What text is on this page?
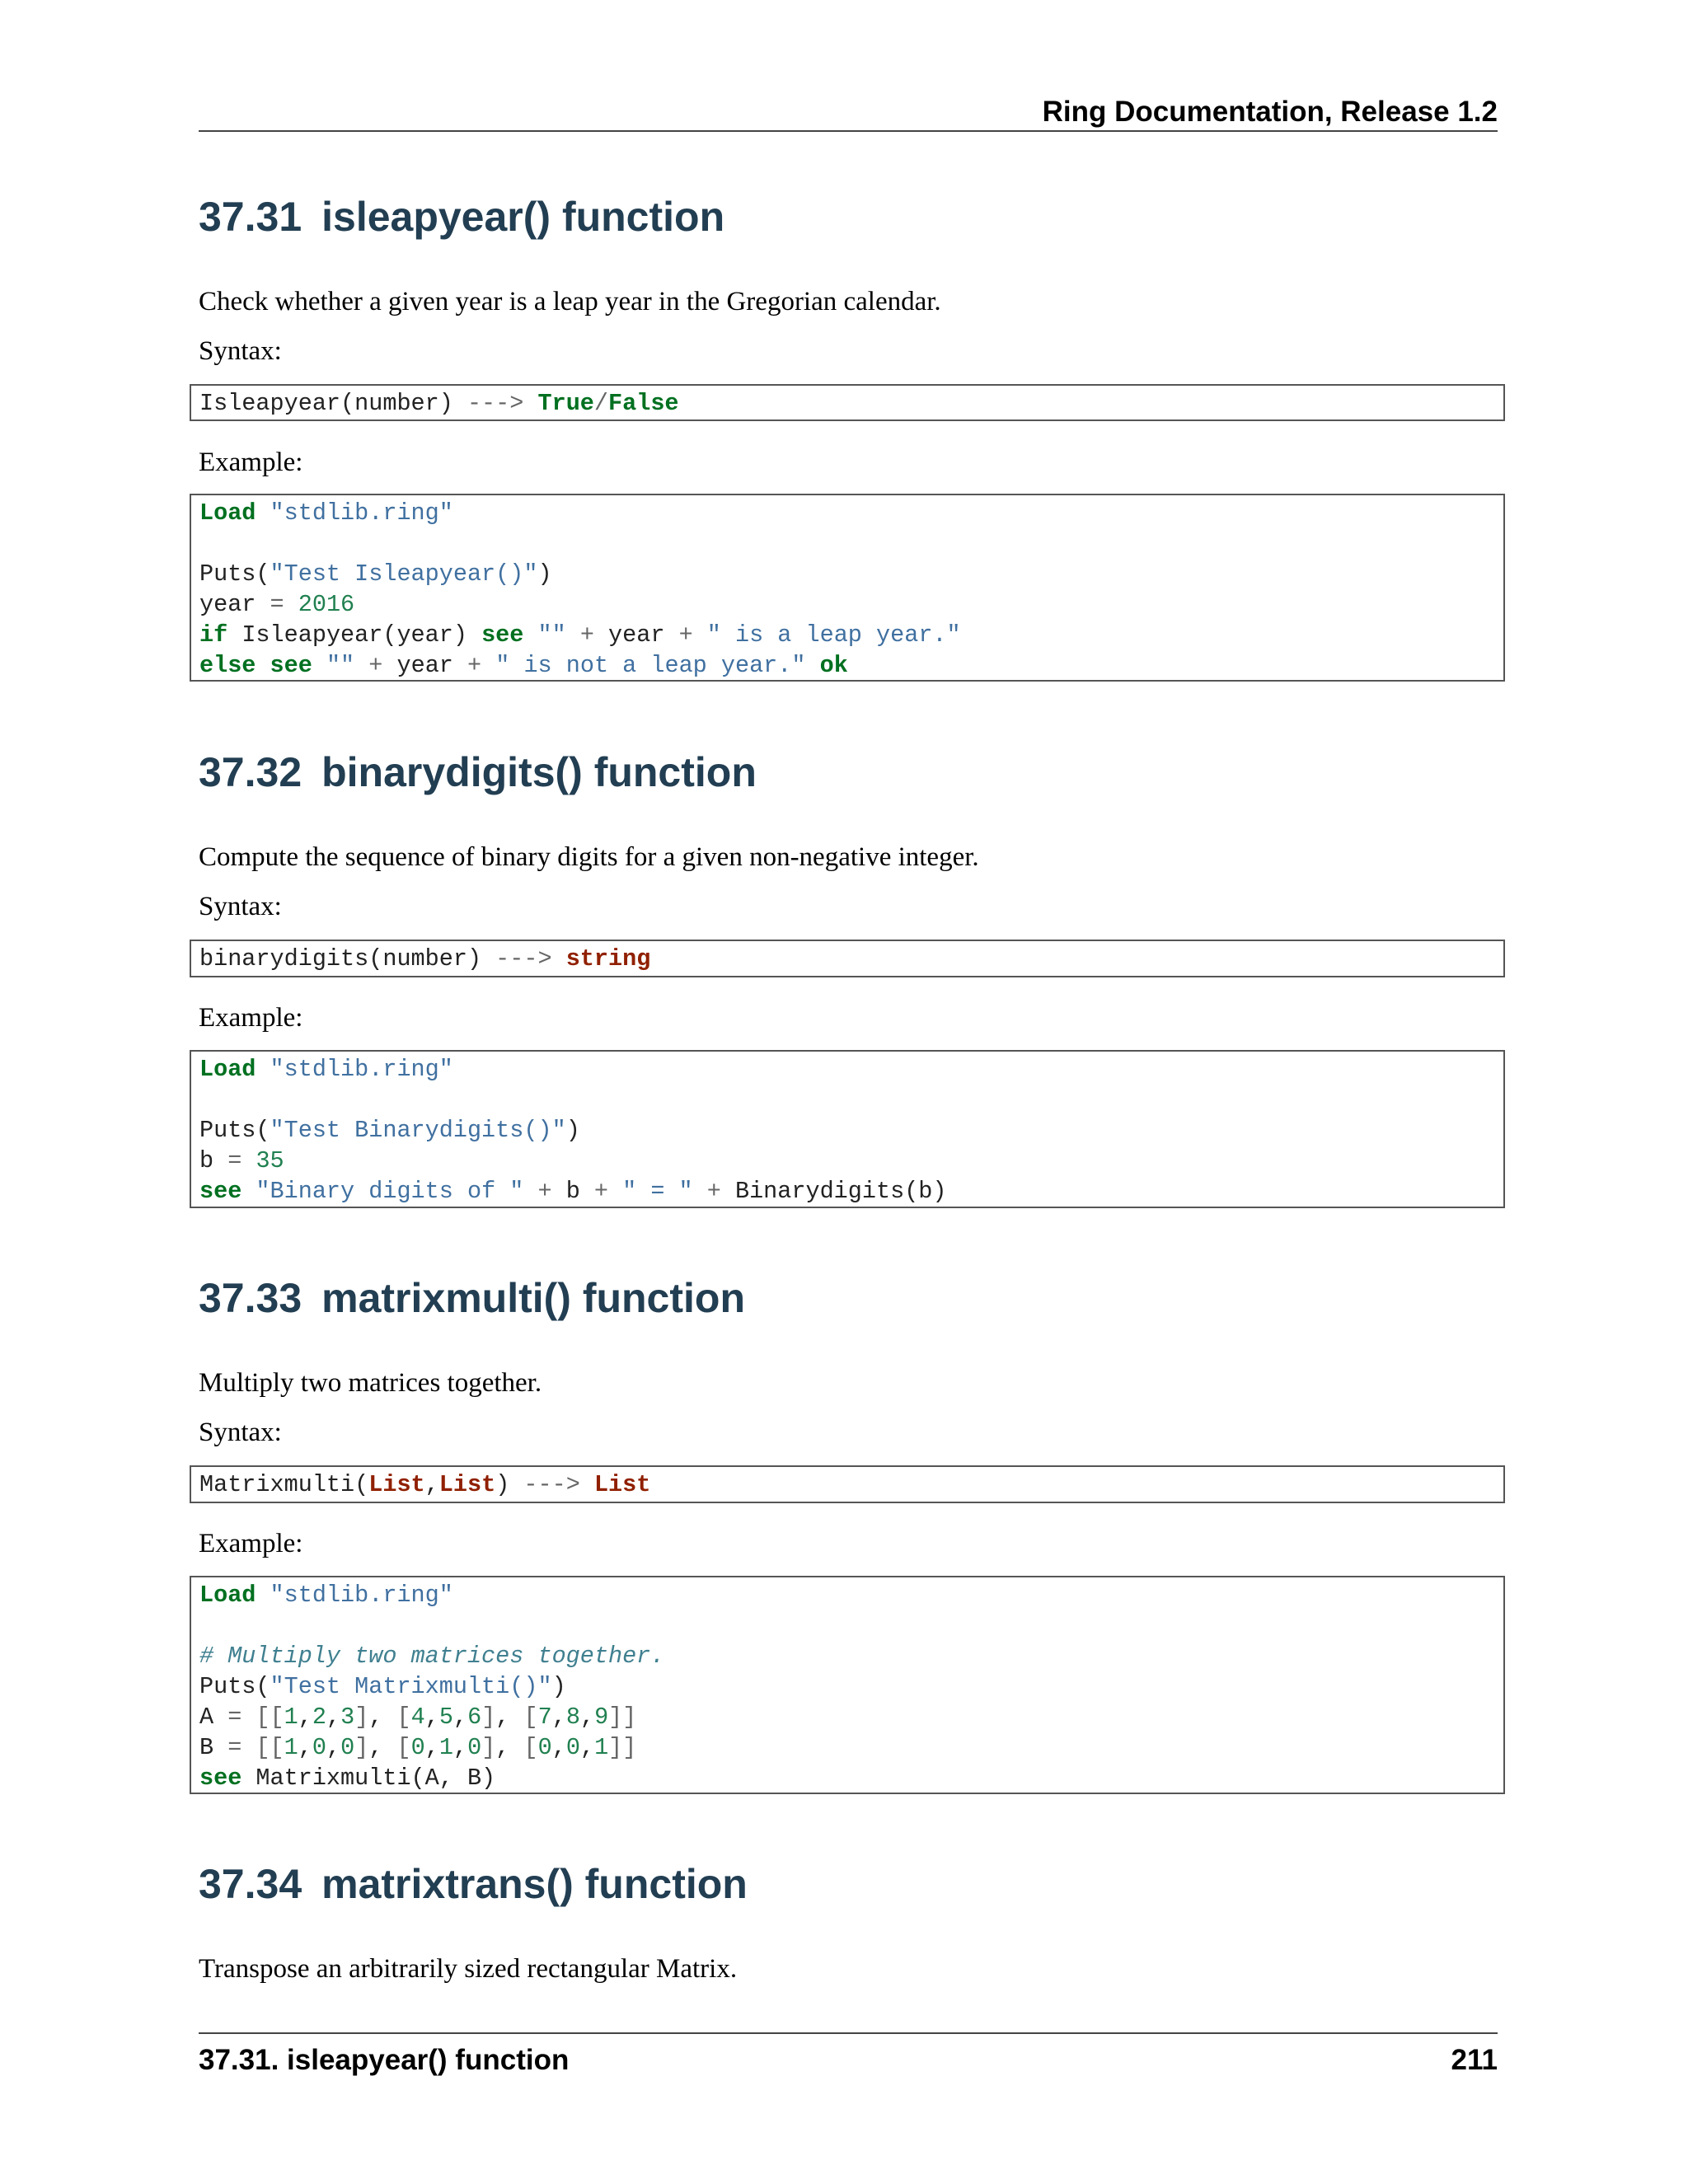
Ring Documentation, Release 1.2
37.31 isleapyear() function
Check whether a given year is a leap year in the Gregorian calendar.
Syntax:
Isleapyear(number) ---> True/False
Example:
Load "stdlib.ring"
Puts("Test Isleapyear()")
year = 2016
if Isleapyear(year) see "" + year + " is a leap year."
else see "" + year + " is not a leap year." ok
37.32 binarydigits() function
Compute the sequence of binary digits for a given non-negative integer.
Syntax:
binarydigits(number) ---> string
Example:
Load "stdlib.ring"
Puts("Test Binarydigits()")
b = 35
see "Binary digits of " + b + " = " + Binarydigits(b)
37.33 matrixmulti() function
Multiply two matrices together.
Syntax:
Matrixmulti(List,List) ---> List
Example:
Load "stdlib.ring"
# Multiply two matrices together.
Puts("Test Matrixmulti()")
A = [[1,2,3], [4,5,6], [7,8,9]]
B = [[1,0,0], [0,1,0], [0,0,1]]
see Matrixmulti(A, B)
37.34 matrixtrans() function
Transpose an arbitrarily sized rectangular Matrix.
37.31. isleapyear() function	211
